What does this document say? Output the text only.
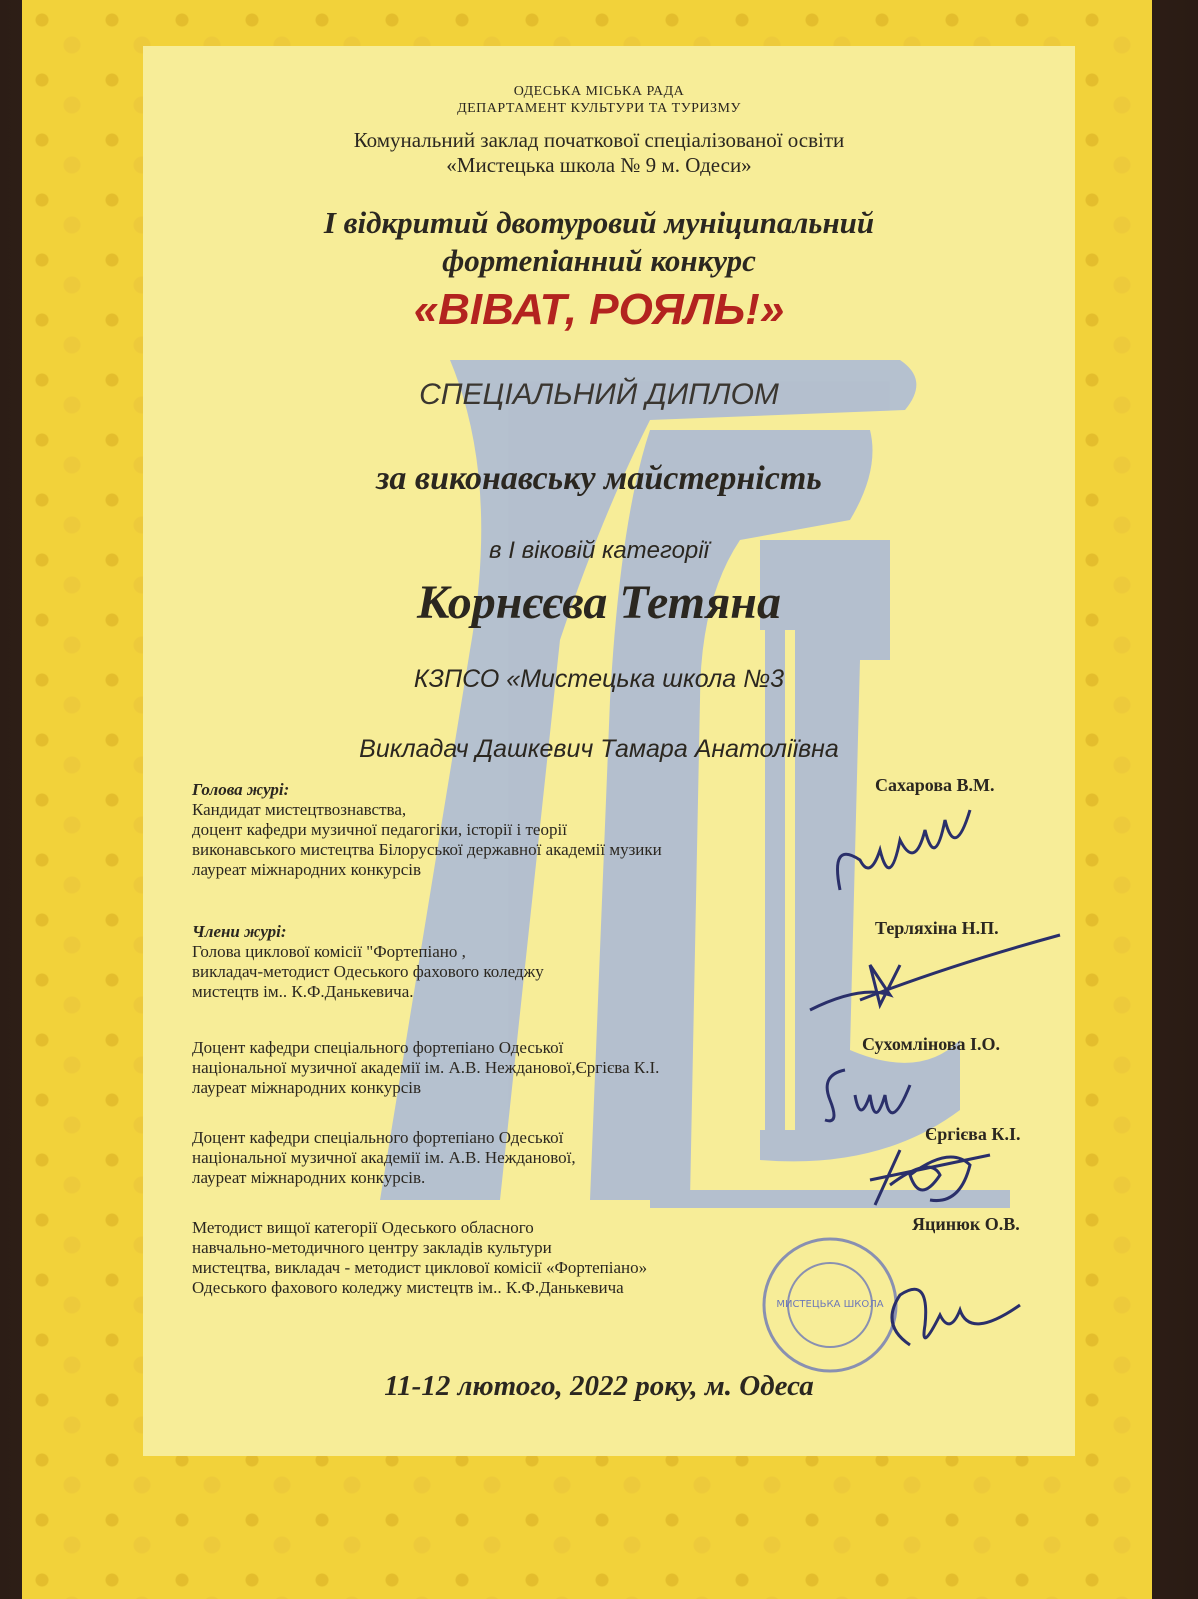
ОДЕСЬКА МІСЬКА РАДА
ДЕПАРТАМЕНТ КУЛЬТУРИ ТА ТУРИЗМУ
Комунальний заклад початкової спеціалізованої освіти
«Мистецька школа № 9 м. Одеси»
І відкритий двотуровий муніципальний
фортепіанний конкурс
«ВІВАТ, РОЯЛЬ!»
СПЕЦІАЛЬНИЙ ДИПЛОМ
за виконавську майстерність
в І віковій категорії
Корнєєва Тетяна
КЗПСО «Мистецька школа №3
Викладач Дашкевич Тамара Анатоліївна
Голова журі:
Кандидат мистецтвознавства,
доцент кафедри музичної педагогіки, історії і теорії
виконавського мистецтва Білоруської державної академії музики
лауреат міжнародних конкурсів
Сахарова В.М.
Члени журі:
Голова циклової комісії "Фортепіано ,
викладач-методист Одеського фахового коледжу
мистецтв ім.. К.Ф.Данькевича.
Терляхіна Н.П.
Доцент кафедри спеціального фортепіано Одеської
національної музичної академії ім. А.В. Нежданової,Єргієва К.І.
лауреат міжнародних конкурсів
Сухомлінова І.О.
Доцент кафедри спеціального фортепіано Одеської
національної музичної академії ім. А.В. Нежданової,
лауреат міжнародних конкурсів.
Єргієва К.І.
Методист вищої категорії Одеського обласного
навчально-методичного центру закладів культури
мистецтва, викладач - методист циклової комісії «Фортепіано»
Одеського фахового коледжу мистецтв ім.. К.Ф.Данькевича
Яцинюк О.В.
МИСТЕЦЬКА ШКОЛА
11-12 лютого, 2022 року, м. Одеса
